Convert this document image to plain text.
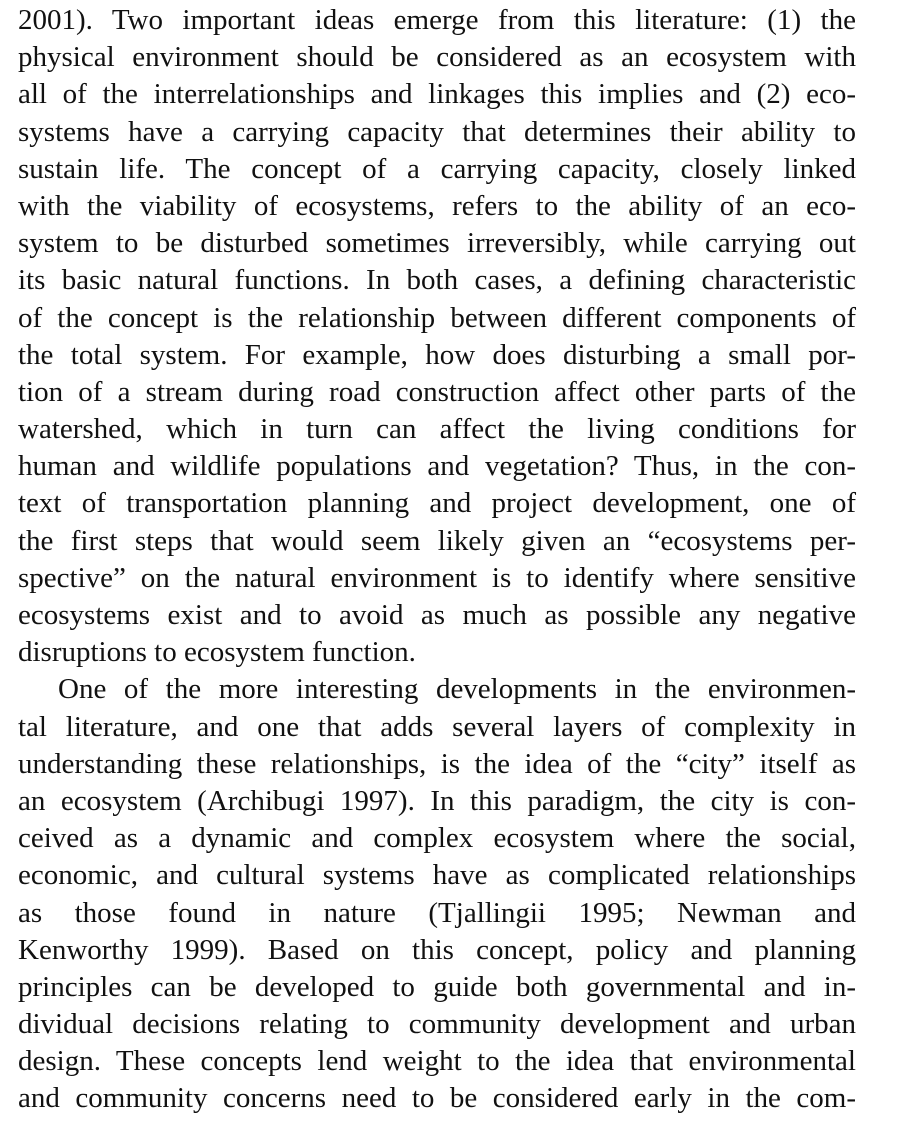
2001). Two important ideas emerge from this literature: (1) the
physical environment should be considered as an ecosystem with
all of the interrelationships and linkages this implies and (2) eco-
systems have a carrying capacity that determines their ability to
sustain life. The concept of a carrying capacity, closely linked
with the viability of ecosystems, refers to the ability of an eco-
system to be disturbed sometimes irreversibly, while carrying out
its basic natural functions. In both cases, a defining characteristic
of the concept is the relationship between different components of
the total system. For example, how does disturbing a small por-
tion of a stream during road construction affect other parts of the
watershed, which in turn can affect the living conditions for
human and wildlife populations and vegetation? Thus, in the con-
text of transportation planning and project development, one of
the first steps that would seem likely given an “ecosystems per-
spective” on the natural environment is to identify where sensitive
ecosystems exist and to avoid as much as possible any negative
disruptions to ecosystem function.
One of the more interesting developments in the environmen-
tal literature, and one that adds several layers of complexity in
understanding these relationships, is the idea of the “city” itself as
an ecosystem (Archibugi 1997). In this paradigm, the city is con-
ceived as a dynamic and complex ecosystem where the social,
economic, and cultural systems have as complicated relationships
as those found in nature (Tjallingii 1995; Newman and
Kenworthy 1999). Based on this concept, policy and planning
principles can be developed to guide both governmental and in-
dividual decisions relating to community development and urban
design. These concepts lend weight to the idea that environmental
and community concerns need to be considered early in the com-
